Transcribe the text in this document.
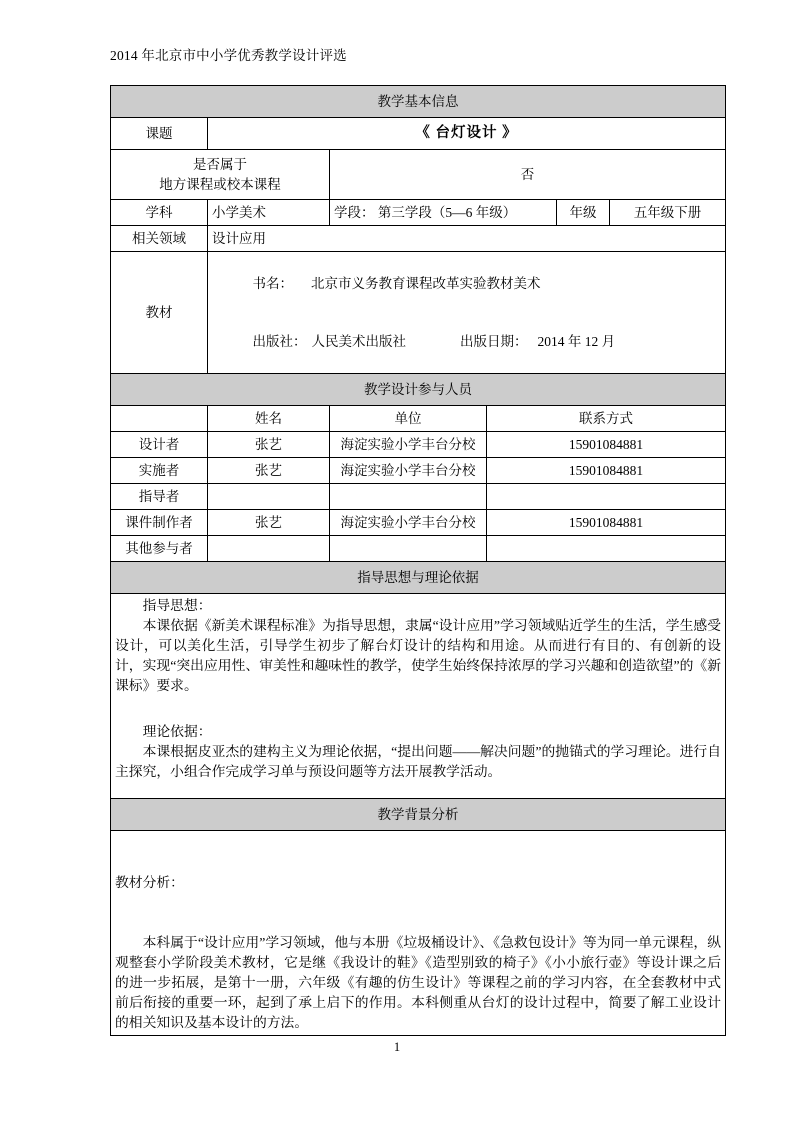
2014 年北京市中小学优秀教学设计评选
教学基本信息					
课题	《 台灯设计 》				

是否属于
地方课程或校本课程		否			
学科	小学美术	学段： 第三学段（5—6 年级）		年级	五年级下册
相关领域	设计应用				
教材	书名： 北京市义务教育课程改革实验教材美术

出版社： 人民美术出版社 出版日期： 2014 年 12 月				

教学设计参与人员					
	姓名	单位	联系方式		
设计者	张艺	海淀实验小学丰台分校	15901084881		
实施者	张艺	海淀实验小学丰台分校	15901084881		
指导者					
课件制作者	张艺	海淀实验小学丰台分校	15901084881		
其他参与者					
指导思想与理论依据					

指导思想：

本课依据《新美术课程标准》为指导思想，隶属“设计应用”学习领域贴近学生的生活，学生感受设计，可以美化生活，引导学生初步了解台灯设计的结构和用途。从而进行有目的、有创新的设计，实现“突出应用性、审美性和趣味性的教学，使学生始终保持浓厚的学习兴趣和创造欲望”的《新课标》要求。

理论依据：

本课根据皮亚杰的建构主义为理论依据，“提出问题——解决问题”的抛锚式的学习理论。进行自主探究，小组合作完成学习单与预设问题等方法开展教学活动。					

教学背景分析					

教材分析：

本科属于“设计应用”学习领域，他与本册《垃圾桶设计》、《急救包设计》等为同一单元课程，纵观整套小学阶段美术教材，它是继《我设计的鞋》《造型别致的椅子》《小小旅行壶》等设计课之后的进一步拓展，是第十一册，六年级《有趣的仿生设计》等课程之前的学习内容，在全套教材中式前后衔接的重要一环，起到了承上启下的作用。本科侧重从台灯的设计过程中，简要了解工业设计的相关知识及基本设计的方法。					

1
